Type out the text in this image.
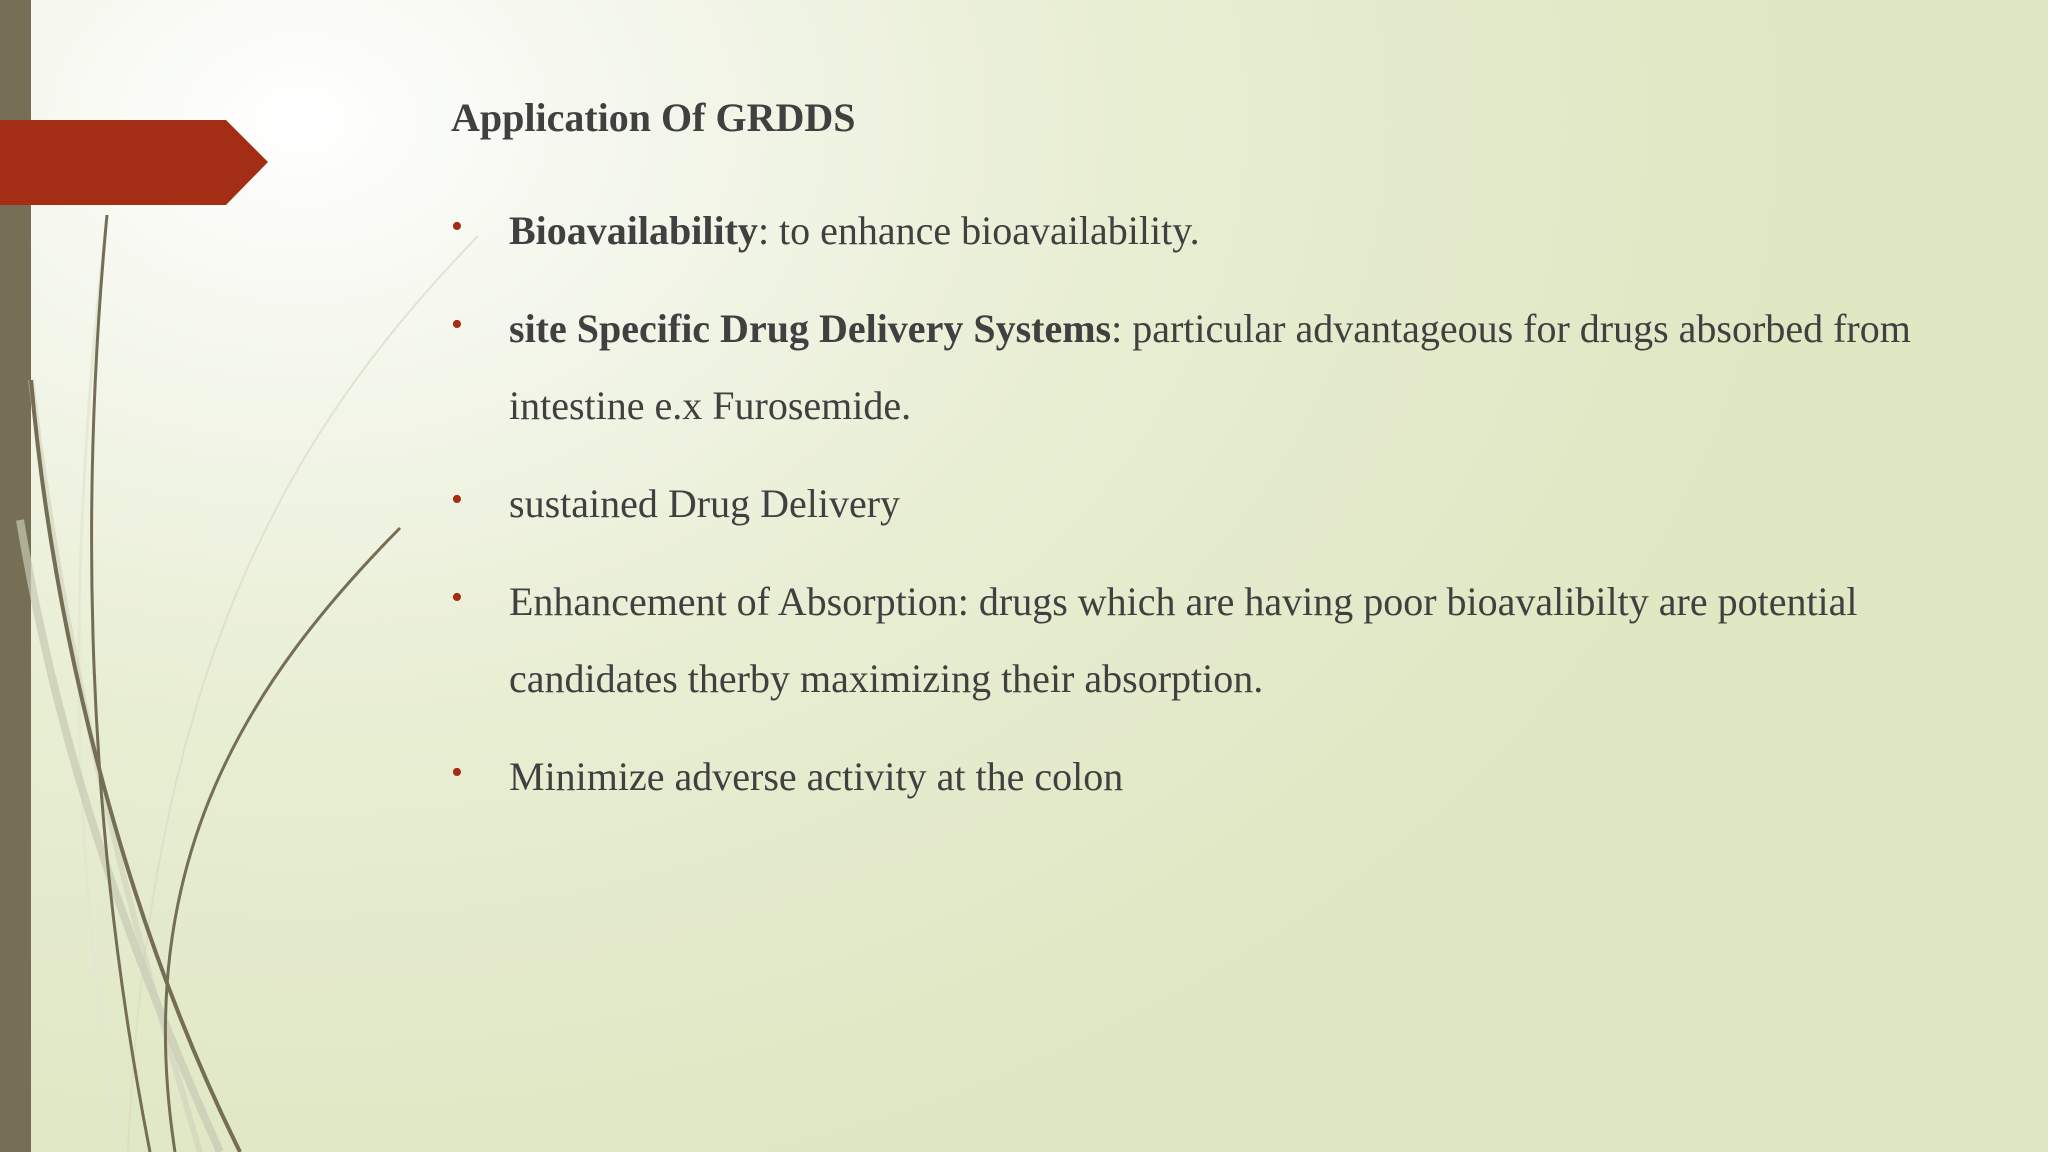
Application Of GRDDS
• Bioavailability: to enhance bioavailability.
• site Specific Drug Delivery Systems: particular advantageous for drugs absorbed from intestine e.x Furosemide.
• sustained Drug Delivery
• Enhancement of Absorption: drugs which are having poor bioavalibilty are potential candidates therby maximizing their absorption.
• Minimize adverse activity at the colon
